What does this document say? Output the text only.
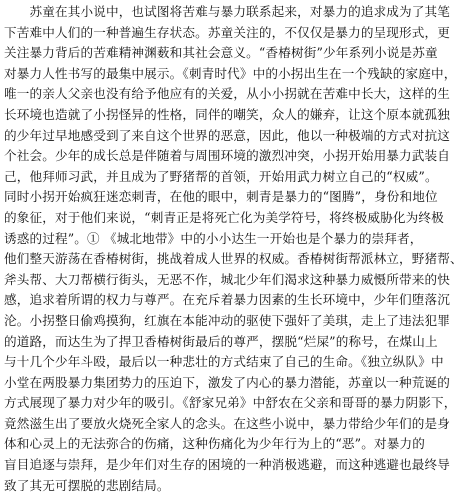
　　苏童在其小说中，也试图将苦难与暴力联系起来，对暴力的追求成为了其笔
下苦难中人们的一种普遍生存状态。苏童关注的，不仅仅是暴力的呈现形式，更
关注暴力背后的苦难精神渊薮和其社会意义。“香椿树街”少年系列小说是苏童
对暴力人性书写的最集中展示。《刺青时代》中的小拐出生在一个残缺的家庭中，
唯一的亲人父亲也没有给予他应有的关爱，从小小拐就在苦难中长大，这样的生
长环境也造就了小拐怪异的性格，同伴的嘲笑，众人的嫌弃，让这个原本就孤独
的少年过早地感受到了来自这个世界的恶意，因此，他以一种极端的方式对抗这
个社会。少年的成长总是伴随着与周围环境的激烈冲突，小拐开始用暴力武装自
己，他拜师习武，并且成为了野猪帮的首领，开始用武力树立自己的“权威”。
同时小拐开始疯狂迷恋刺青，在他的眼中，刺青是暴力的“图腾”，身份和地位
的象征，对于他们来说，“刺青正是将死亡化为美学符号，将终极威胁化为终极
诱惑的过程”。① 《城北地带》中的小小达生一开始也是个暴力的崇拜者，
他们整天游荡在香椿树街，挑战着成人世界的权威。香椿树街帮派林立，野猪帮、
斧头帮、大刀帮横行街头，无恶不作，城北少年们渴求这种暴力威慑所带来的快
感，追求着所谓的权力与尊严。在充斥着暴力因素的生长环境中，少年们堕落沉
沦。小拐整日偷鸡摸狗，红旗在本能冲动的驱使下强奸了美琪，走上了违法犯罪
的道路，而达生为了捍卫香椿树街最后的尊严，摆脱“烂屎”的称号，在煤山上
与十几个少年斗殴，最后以一种悲壮的方式结束了自己的生命。《独立纵队》中
小堂在两股暴力集团势力的压迫下，激发了内心的暴力潜能，苏童以一种荒诞的
方式展现了暴力对少年的吸引。《舒家兄弟》中舒农在父亲和哥哥的暴力阴影下，
竟然滋生出了要放火烧死全家人的念头。在这些小说中，暴力带给少年们的是身
体和心灵上的无法弥合的伤痛，这种伤痛化为少年行为上的“恶”。对暴力的
盲目追逐与崇拜，是少年们对生存的困境的一种消极逃避，而这种逃避也最终导
致了其无可摆脱的悲剧结局。
